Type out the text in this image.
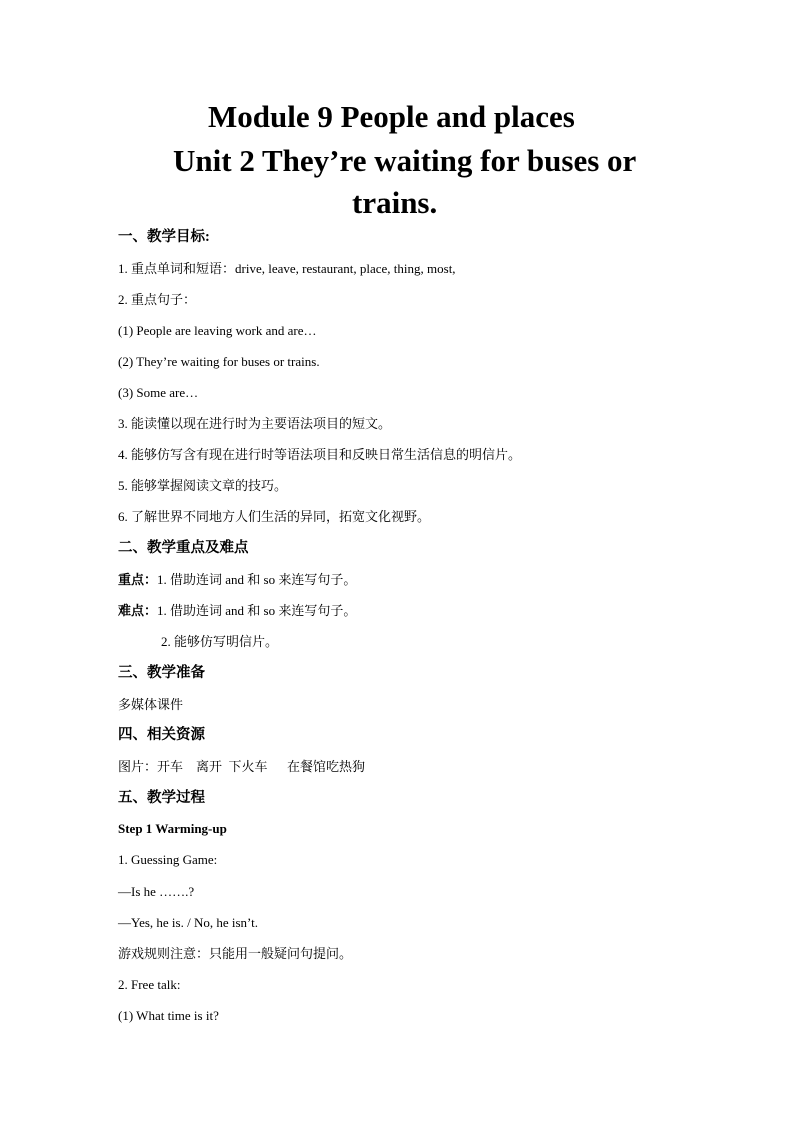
Module 9 People and places
Unit 2 They’re waiting for buses or
trains.
一、教学目标:
1. 重点单词和短语：drive, leave, restaurant, place, thing, most,
2. 重点句子：
(1) People are leaving work and are…
(2) They’re waiting for buses or trains.
(3) Some are…
3. 能读懂以现在进行时为主要语法项目的短文。
4. 能够仿写含有现在进行时等语法项目和反映日常生活信息的明信片。
5. 能够掌握阅读文章的技巧。
6. 了解世界不同地方人们生活的异同，拓宽文化视野。
二、教学重点及难点
重点：1. 借助连词 and 和 so 来连写句子。
难点：1. 借助连词 and 和 so 来连写句子。
2. 能够仿写明信片。
三、教学准备
多媒体课件
四、相关资源
图片：开车    离开  下火车      在餐馆吃热狗
五、教学过程
Step 1 Warming-up
1. Guessing Game:
—Is he …….?
—Yes, he is. / No, he isn’t.
游戏规则注意：只能用一般疑问句提问。
2. Free talk:
(1) What time is it?
